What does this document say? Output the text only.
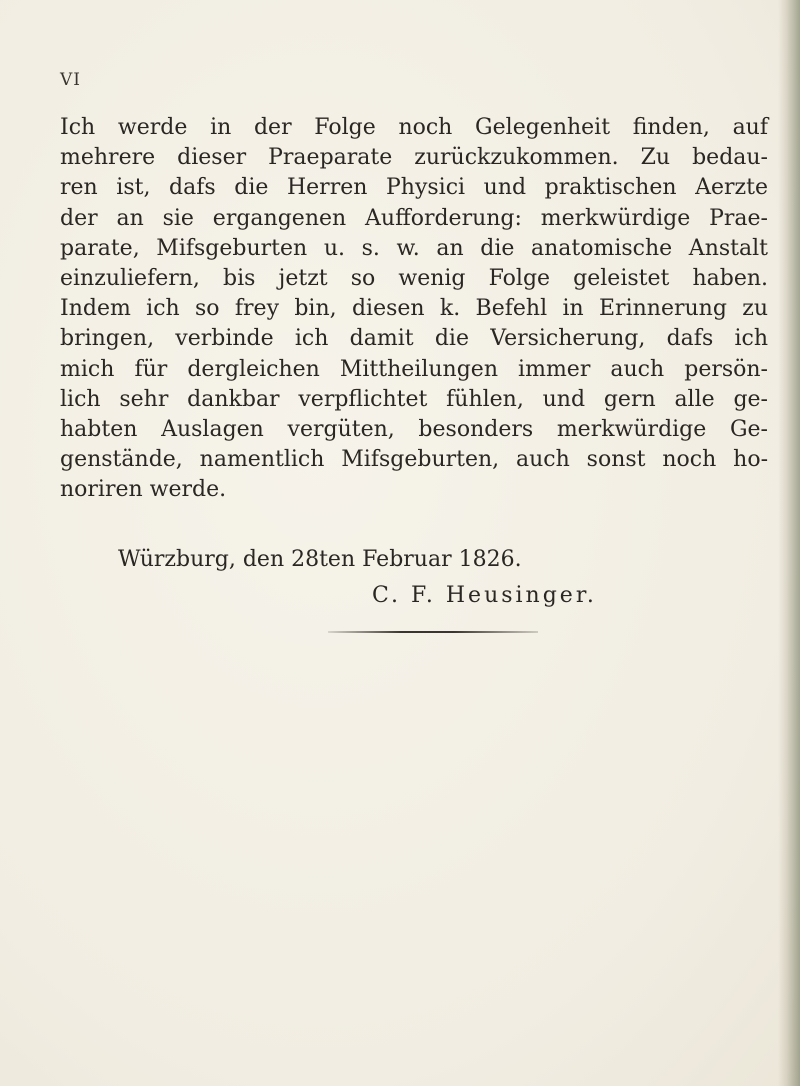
VI
Ich werde in der Folge noch Gelegenheit finden, auf
mehrere dieser Praeparate zurückzukommen. Zu bedau-
ren ist, dafs die Herren Physici und praktischen Aerzte
der an sie ergangenen Aufforderung: merkwürdige Prae-
parate, Mifsgeburten u. s. w. an die anatomische Anstalt
einzuliefern, bis jetzt so wenig Folge geleistet haben.
Indem ich so frey bin, diesen k. Befehl in Erinnerung zu
bringen, verbinde ich damit die Versicherung, dafs ich
mich für dergleichen Mittheilungen immer auch persön-
lich sehr dankbar verpflichtet fühlen, und gern alle ge-
habten Auslagen vergüten, besonders merkwürdige Ge-
genstände, namentlich Mifsgeburten, auch sonst noch ho-
noriren werde.
Würzburg, den 28ten Februar 1826.
C. F. Heusinger.
